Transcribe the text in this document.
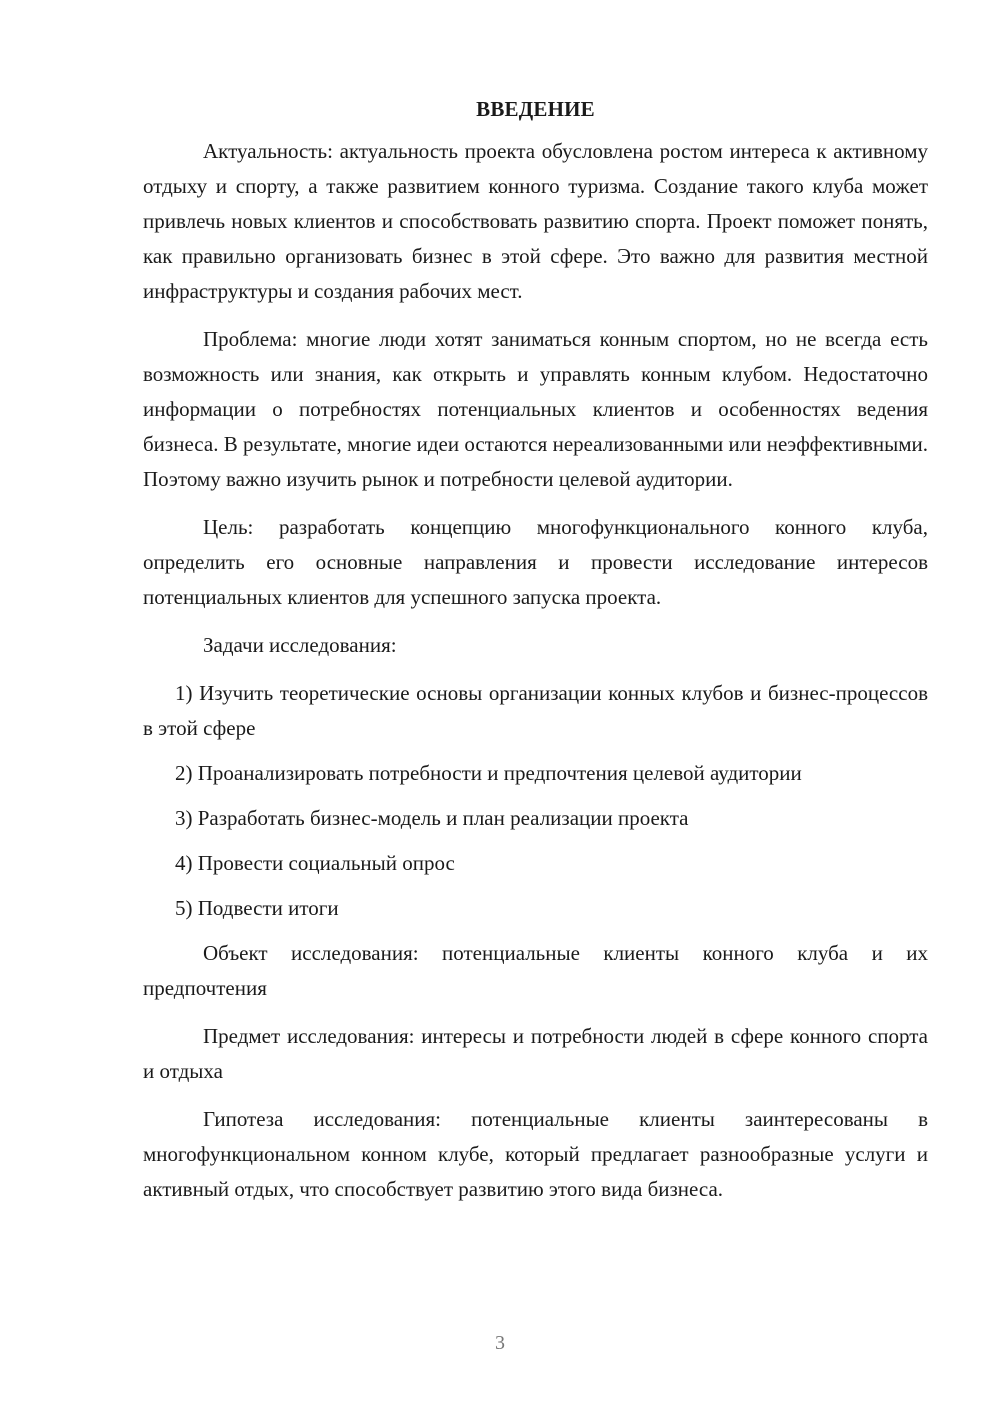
ВВЕДЕНИЕ

Актуальность: актуальность проекта обусловлена ростом интереса к активному отдыху и спорту, а также развитием конного туризма. Создание такого клуба может привлечь новых клиентов и способствовать развитию спорта. Проект поможет понять, как правильно организовать бизнес в этой сфере. Это важно для развития местной инфраструктуры и создания рабочих мест.

Проблема: многие люди хотят заниматься конным спортом, но не всегда есть возможность или знания, как открыть и управлять конным клубом. Недостаточно информации о потребностях потенциальных клиентов и особенностях ведения бизнеса. В результате, многие идеи остаются нереализованными или неэффективными. Поэтому важно изучить рынок и потребности целевой аудитории.

Цель: разработать концепцию многофункционального конного клуба, определить его основные направления и провести исследование интересов потенциальных клиентов для успешного запуска проекта.

Задачи исследования:

1) Изучить теоретические основы организации конных клубов и бизнес-процессов в этой сфере

2) Проанализировать потребности и предпочтения целевой аудитории

3) Разработать бизнес-модель и план реализации проекта

4) Провести социальный опрос

5) Подвести итоги

Объект исследования: потенциальные клиенты конного клуба и их предпочтения

Предмет исследования: интересы и потребности людей в сфере конного спорта и отдыха

Гипотеза исследования: потенциальные клиенты заинтересованы в многофункциональном конном клубе, который предлагает разнообразные услуги и активный отдых, что способствует развитию этого вида бизнеса.

3
